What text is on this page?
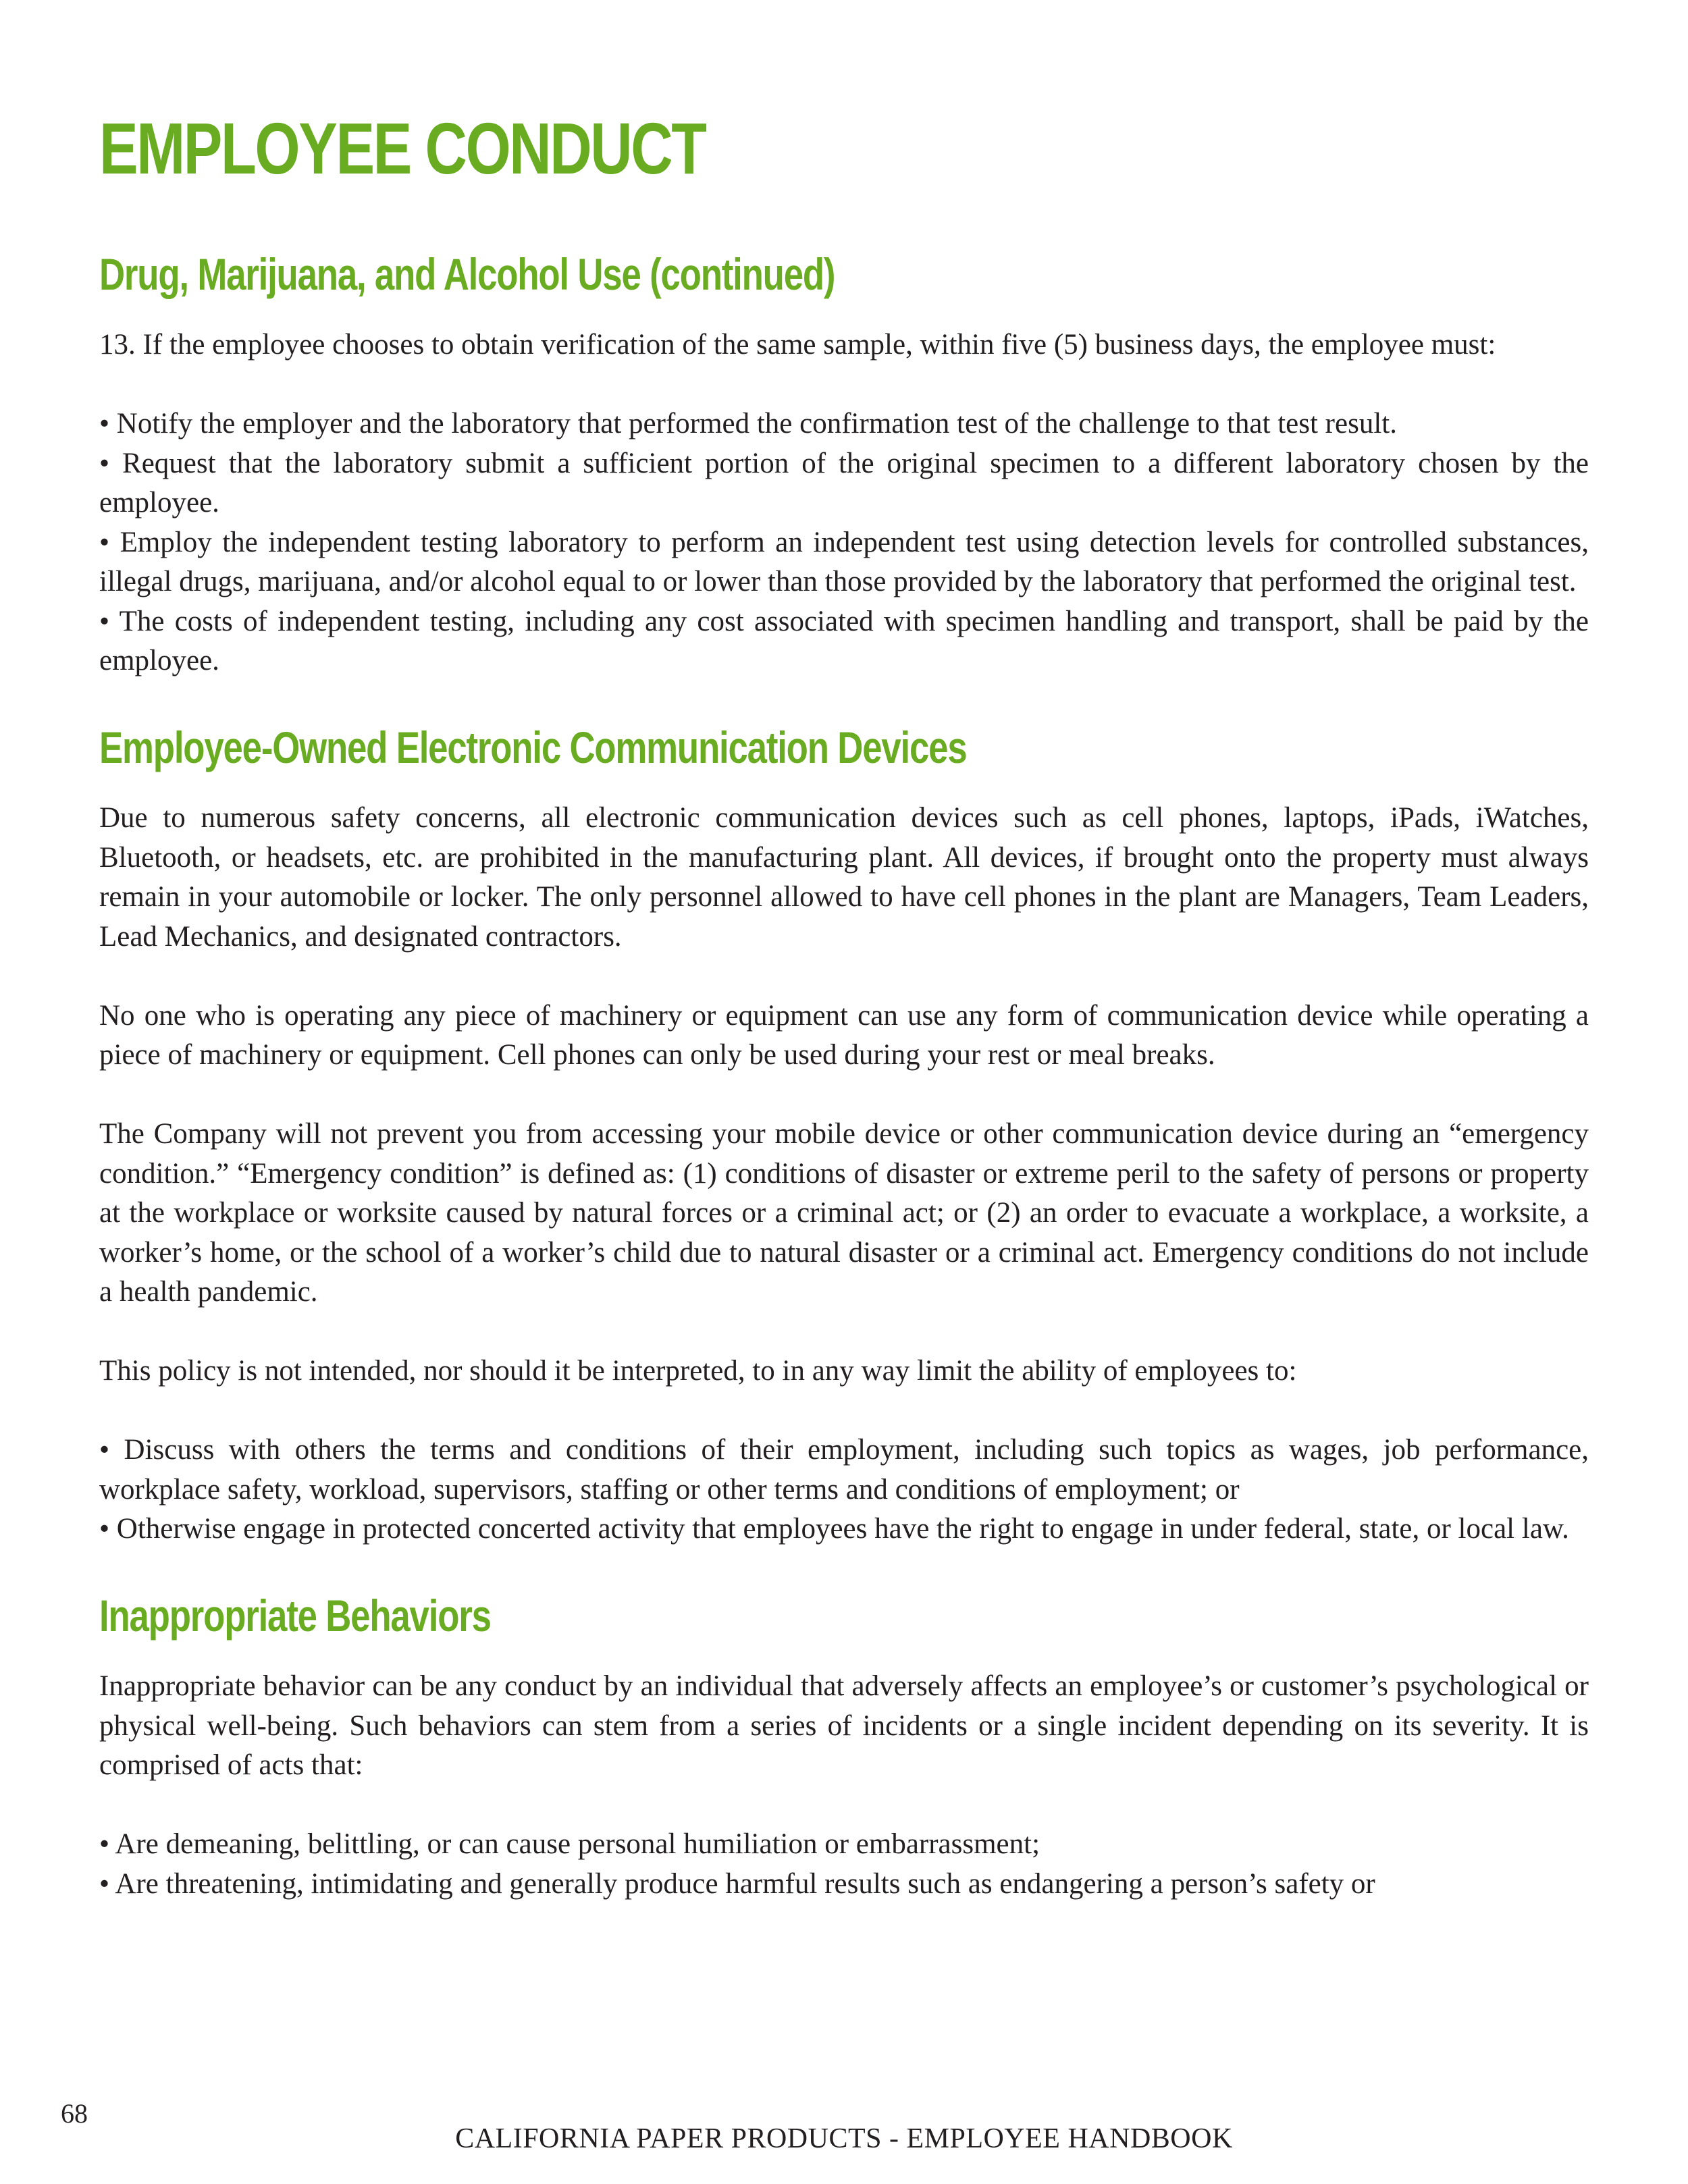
EMPLOYEE CONDUCT
Drug, Marijuana, and Alcohol Use (continued)

13. If the employee chooses to obtain verification of the same sample, within five (5) business days, the employee must:

• Notify the employer and the laboratory that performed the confirmation test of the challenge to that test result.
• Request that the laboratory submit a sufficient portion of the original specimen to a different laboratory chosen by the employee.
• Employ the independent testing laboratory to perform an independent test using detection levels for controlled substances, illegal drugs, marijuana, and/or alcohol equal to or lower than those provided by the laboratory that performed the original test.
• The costs of independent testing, including any cost associated with specimen handling and transport, shall be paid by the employee.
Employee-Owned Electronic Communication Devices

Due to numerous safety concerns, all electronic communication devices such as cell phones, laptops, iPads, iWatches, Bluetooth, or headsets, etc. are prohibited in the manufacturing plant. All devices, if brought onto the property must always remain in your automobile or locker. The only personnel allowed to have cell phones in the plant are Managers, Team Leaders, Lead Mechanics, and designated contractors.

No one who is operating any piece of machinery or equipment can use any form of communication device while operating a piece of machinery or equipment. Cell phones can only be used during your rest or meal breaks.

The Company will not prevent you from accessing your mobile device or other communication device during an “emergency condition.” “Emergency condition” is defined as: (1) conditions of disaster or extreme peril to the safety of persons or property at the workplace or worksite caused by natural forces or a criminal act; or (2) an order to evacuate a workplace, a worksite, a worker’s home, or the school of a worker’s child due to natural disaster or a criminal act. Emergency conditions do not include a health pandemic.

This policy is not intended, nor should it be interpreted, to in any way limit the ability of employees to:

• Discuss with others the terms and conditions of their employment, including such topics as wages, job performance, workplace safety, workload, supervisors, staffing or other terms and conditions of employment; or
• Otherwise engage in protected concerted activity that employees have the right to engage in under federal, state, or local law.
Inappropriate Behaviors

Inappropriate behavior can be any conduct by an individual that adversely affects an employee’s or customer’s psychological or physical well-being. Such behaviors can stem from a series of incidents or a single incident depending on its severity. It is comprised of acts that:

• Are demeaning, belittling, or can cause personal humiliation or embarrassment;
• Are threatening, intimidating and generally produce harmful results such as endangering a person’s safety or
68
CALIFORNIA PAPER PRODUCTS - EMPLOYEE HANDBOOK
